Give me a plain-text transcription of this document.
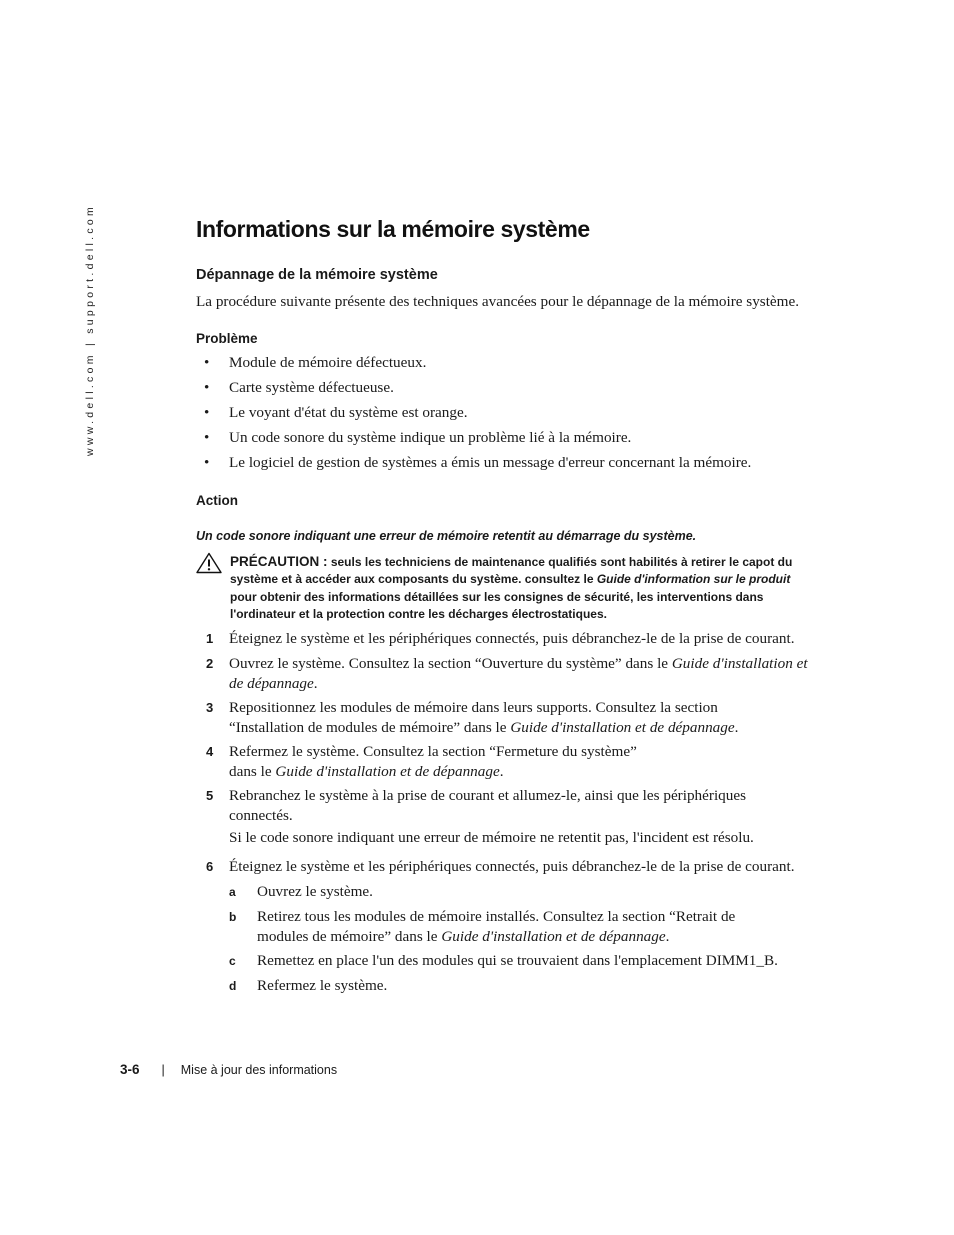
www.dell.com | support.dell.com	Informations sur la mémoire système
Dépannage de la mémoire système

La procédure suivante présente des techniques avancées pour le dépannage de la mémoire système.

Problème
• Module de mémoire défectueux.
• Carte système défectueuse.
• Le voyant d'état du système est orange.
• Un code sonore du système indique un problème lié à la mémoire.
• Le logiciel de gestion de systèmes a émis un message d'erreur concernant la mémoire.
Action

Un code sonore indiquant une erreur de mémoire retentit au démarrage du système.

PRÉCAUTION : seuls les techniciens de maintenance qualifiés sont habilités à retirer le capot du système et à accéder aux composants du système. consultez le Guide d'information sur le produit pour obtenir des informations détaillées sur les consignes de sécurité, les interventions dans l'ordinateur et la protection contre les décharges électrostatiques.

1 Éteignez le système et les périphériques connectés, puis débranchez-le de la prise de courant.

2 Ouvrez le système. Consultez la section “Ouverture du système” dans le Guide d'installation et de dépannage.

3 Repositionnez les modules de mémoire dans leurs supports. Consultez la section “Installation de modules de mémoire” dans le Guide d'installation et de dépannage.

4 Refermez le système. Consultez la section “Fermeture du système” dans le Guide d'installation et de dépannage.

5 Rebranchez le système à la prise de courant et allumez-le, ainsi que les périphériques connectés.

Si le code sonore indiquant une erreur de mémoire ne retentit pas, l'incident est résolu.

6 Éteignez le système et les périphériques connectés, puis débranchez-le de la prise de courant.

a Ouvrez le système.

b Retirez tous les modules de mémoire installés. Consultez la section “Retrait de modules de mémoire” dans le Guide d'installation et de dépannage.

c Remettez en place l'un des modules qui se trouvaient dans l'emplacement DIMM1_B.

d Refermez le système.

3-6 | Mise à jour des informations
